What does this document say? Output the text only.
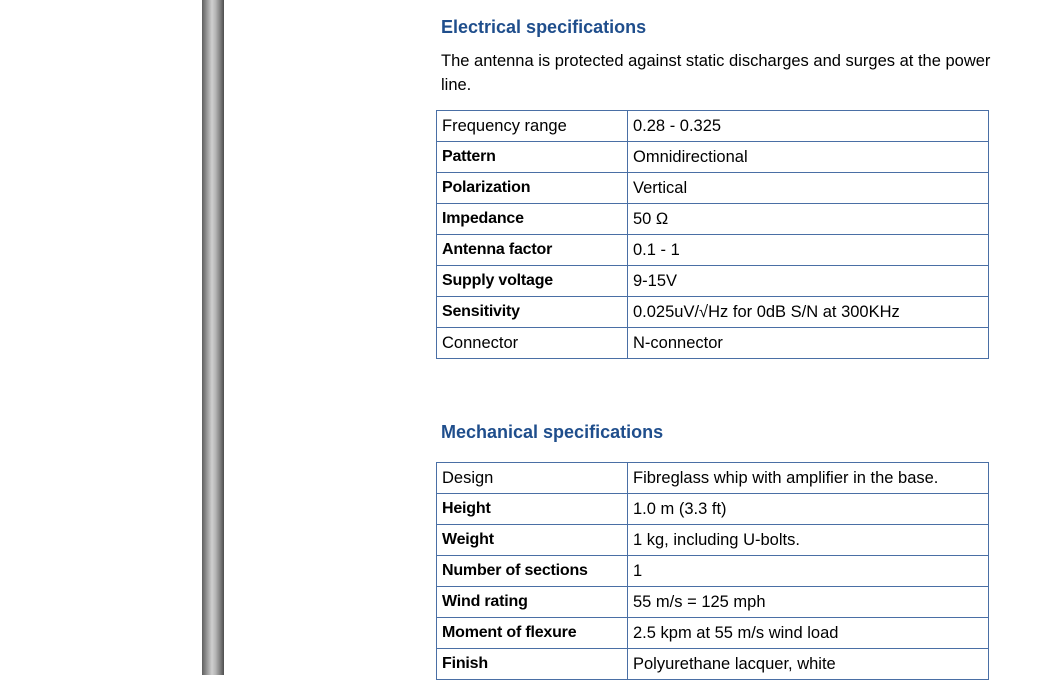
Electrical specifications

The antenna is protected against static discharges and surges at the power line.

Frequency range	0.28 - 0.325
Pattern	Omnidirectional
Polarization	Vertical
Impedance	50 Ω
Antenna factor	0.1 - 1
Supply voltage	9-15V
Sensitivity	0.025uV/√Hz for 0dB S/N at 300KHz
Connector	N-connector
Mechanical specifications
Design	Fibreglass whip with amplifier in the base.
Height	1.0 m (3.3 ft)
Weight	1 kg, including U-bolts.
Number of sections	1
Wind rating	55 m/s = 125 mph
Moment of flexure	2.5 kpm at 55 m/s wind load
Finish	Polyurethane lacquer, white
